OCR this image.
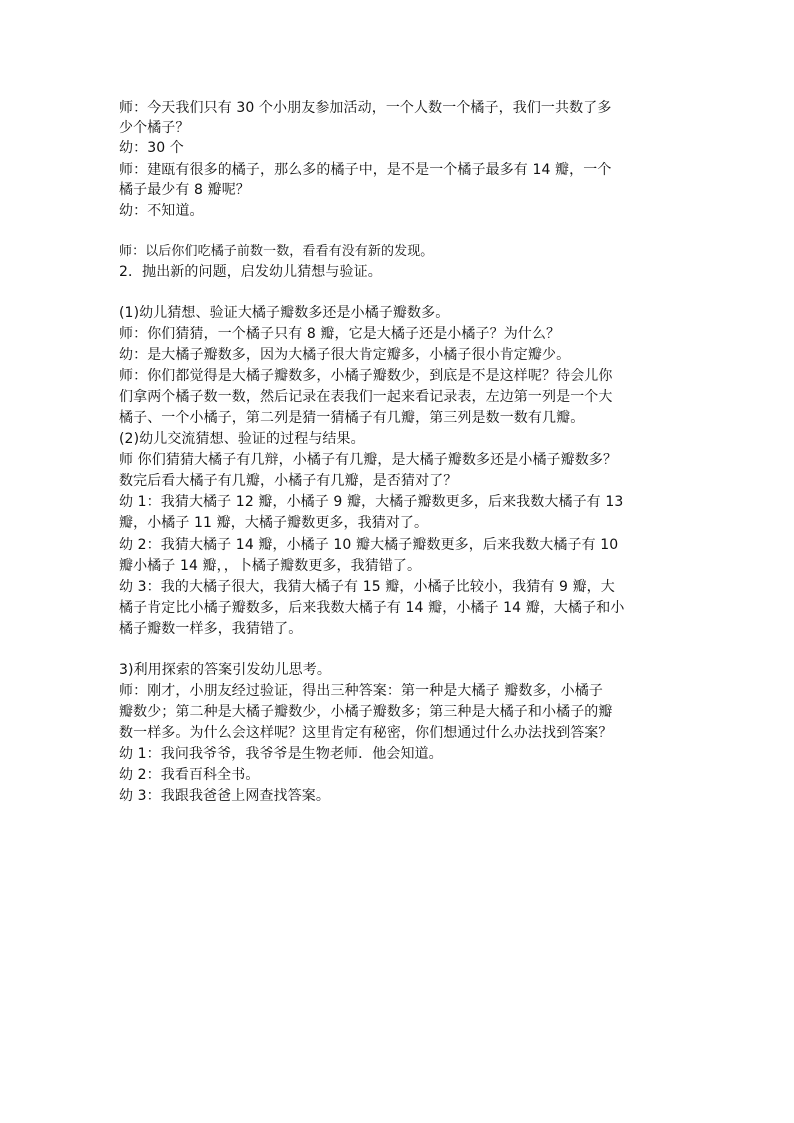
师：今天我们只有 30 个小朋友参加活动，一个人数一个橘子，我们一共数了多

少个橘子？

幼：30 个

师：建瓯有很多的橘子，那么多的橘子中，是不是一个橘子最多有 14 瓣，一个

橘子最少有 8 瓣呢？

幼：不知道。

师：以后你们吃橘子前数一数，看看有没有新的发现。

2．抛出新的问题，启发幼儿猜想与验证。

(1)幼儿猜想、验证大橘子瓣数多还是小橘子瓣数多。

师：你们猜猜，一个橘子只有 8 瓣，它是大橘子还是小橘子？为什么？

幼：是大橘子瓣数多，因为大橘子很大肯定瓣多，小橘子很小肯定瓣少。

师：你们都觉得是大橘子瓣数多，小橘子瓣数少，到底是不是这样呢？待会儿你

们拿两个橘子数一数，然后记录在表我们一起来看记录表，左边第一列是一个大

橘子、一个小橘子，第二列是猜一猜橘子有几瓣，第三列是数一数有几瓣。

(2)幼儿交流猜想、验证的过程与结果。

师 你们猜猜大橘子有几辩，小橘子有几瓣，是大橘子瓣数多还是小橘子瓣数多？

数完后看大橘子有几瓣，小橘子有几瓣，是否猜对了？

幼 1：我猜大橘子 12 瓣，小橘子 9 瓣，大橘子瓣数更多，后来我数大橘子有 13

瓣，小橘子 11 瓣，大橘子瓣数更多，我猜对了。

幼 2：我猜大橘子 14 瓣，小橘子 10 瓣大橘子瓣数更多，后来我数大橘子有 10

瓣小橘子 14 瓣，，卜橘子瓣数更多，我猜错了。

幼 3：我的大橘子很大，我猜大橘子有 15 瓣，小橘子比较小，我猜有 9 瓣，大

橘子肯定比小橘子瓣数多，后来我数大橘子有 14 瓣，小橘子 14 瓣，大橘子和小

橘子瓣数一样多，我猜错了。

3)利用探索的答案引发幼儿思考。

师：刚才，小朋友经过验证，得出三种答案：第一种是大橘子 瓣数多，小橘子

瓣数少；第二种是大橘子瓣数少，小橘子瓣数多；第三种是大橘子和小橘子的瓣

数一样多。为什么会这样呢？这里肯定有秘密，你们想通过什么办法找到答案？

幼 1：我问我爷爷，我爷爷是生物老师．他会知道。

幼 2：我看百科全书。

幼 3：我跟我爸爸上网查找答案。
